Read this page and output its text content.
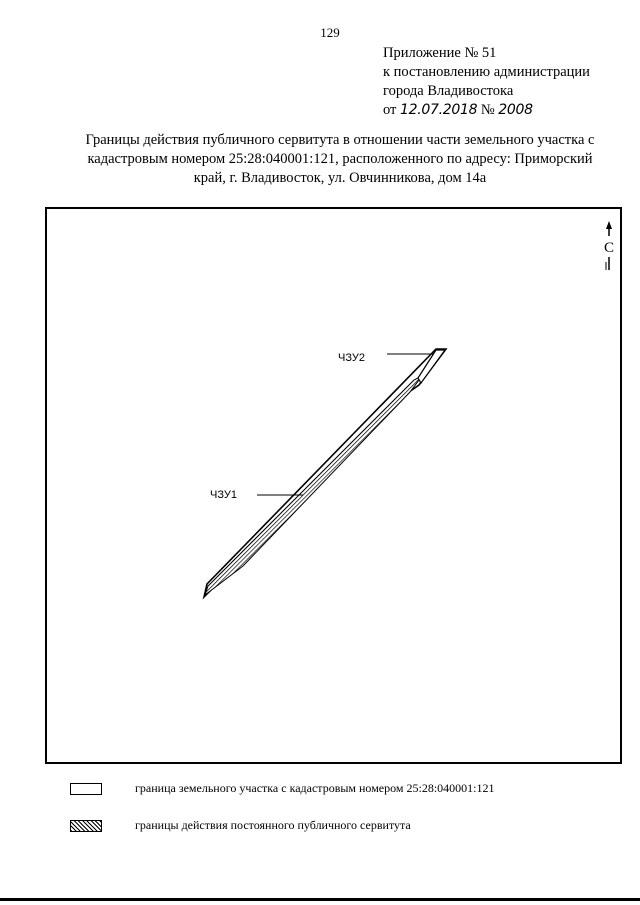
129
Приложение № 51
к постановлению администрации
города Владивостока
от 12.07.2018 № 2008
Границы действия публичного сервитута в отношении части земельного участка с
кадастровым номером 25:28:040001:121, расположенного по адресу: Приморский
край, г. Владивосток, ул. Овчинникова, дом 14а
С
ЧЗУ2
ЧЗУ1
граница земельного участка с кадастровым номером 25:28:040001:121
границы действия постоянного публичного сервитута
